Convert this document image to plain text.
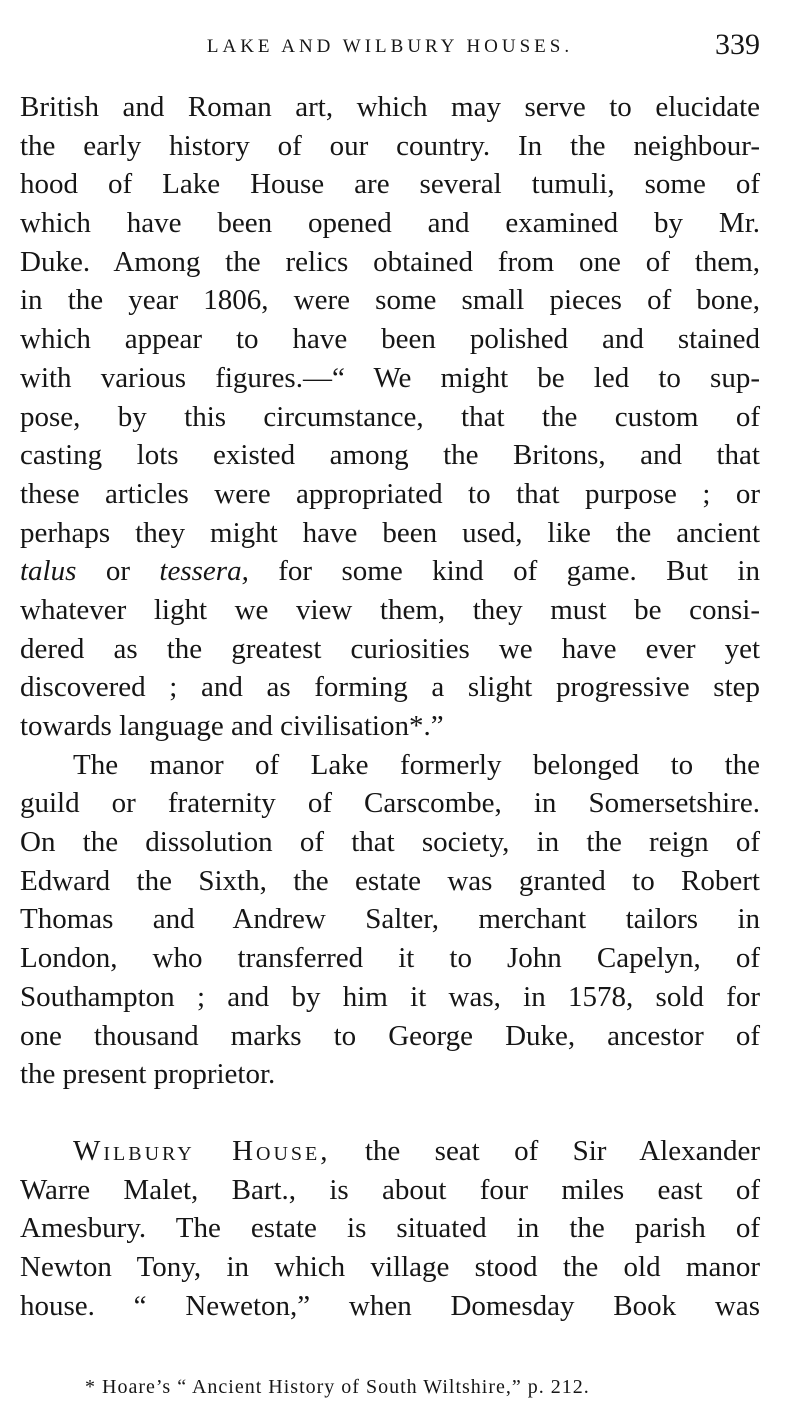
LAKE AND WILBURY HOUSES.	339
British and Roman art, which may serve to elucidate
the early history of our country. In the neighbour-
hood of Lake House are several tumuli, some of
which have been opened and examined by Mr.
Duke. Among the relics obtained from one of them,
in the year 1806, were some small pieces of bone,
which appear to have been polished and stained
with various figures.—“ We might be led to sup-
pose, by this circumstance, that the custom of
casting lots existed among the Britons, and that
these articles were appropriated to that purpose ; or
perhaps they might have been used, like the ancient
talus or tessera, for some kind of game. But in
whatever light we view them, they must be consi-
dered as the greatest curiosities we have ever yet
discovered ; and as forming a slight progressive step
towards language and civilisation*.”
The manor of Lake formerly belonged to the
guild or fraternity of Carscombe, in Somersetshire.
On the dissolution of that society, in the reign of
Edward the Sixth, the estate was granted to Robert
Thomas and Andrew Salter, merchant tailors in
London, who transferred it to John Capelyn, of
Southampton ; and by him it was, in 1578, sold for
one thousand marks to George Duke, ancestor of
the present proprietor.
Wilbury House, the seat of Sir Alexander
Warre Malet, Bart., is about four miles east of
Amesbury. The estate is situated in the parish of
Newton Tony, in which village stood the old manor
house. “ Neweton,” when Domesday Book was
* Hoare’s “ Ancient History of South Wiltshire,” p. 212.
